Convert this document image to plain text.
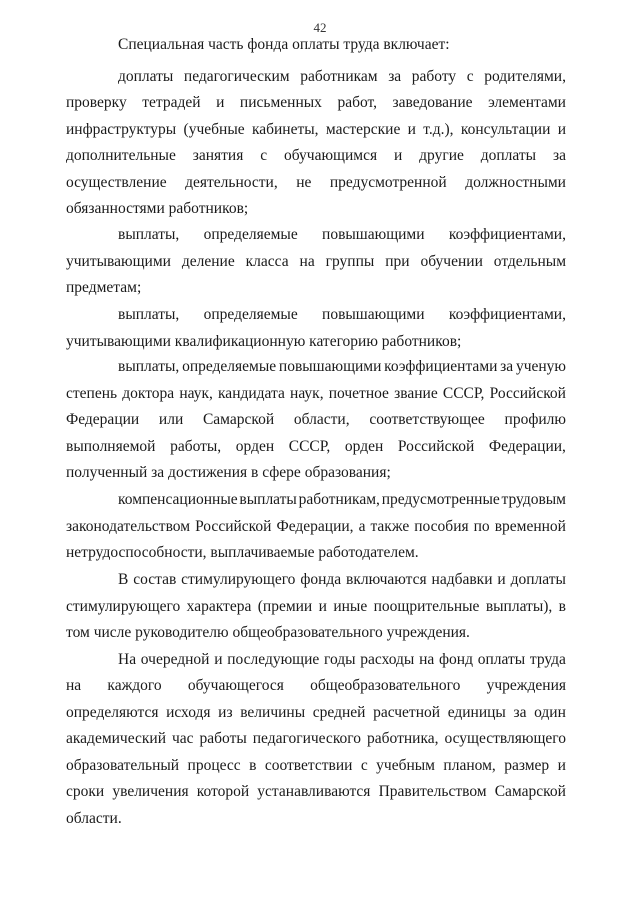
42
Специальная часть фонда оплаты труда включает:
доплаты педагогическим работникам за работу с родителями,
проверку тетрадей и письменных работ, заведование элементами
инфраструктуры (учебные кабинеты, мастерские и т.д.), консультации и
дополнительные занятия с обучающимся и другие доплаты за
осуществление деятельности, не предусмотренной должностными
обязанностями работников;
выплаты, определяемые повышающими коэффициентами,
учитывающими деление класса на группы при обучении отдельным
предметам;
выплаты, определяемые повышающими коэффициентами,
учитывающими квалификационную категорию работников;
выплаты, определяемые повышающими коэффициентами за ученую
степень доктора наук, кандидата наук, почетное звание СССР, Российской
Федерации или Самарской области, соответствующее профилю
выполняемой работы, орден СССР, орден Российской Федерации,
полученный за достижения в сфере образования;
компенсационные выплаты работникам, предусмотренные трудовым
законодательством Российской Федерации, а также пособия по временной
нетрудоспособности, выплачиваемые работодателем.
В состав стимулирующего фонда включаются надбавки и доплаты
стимулирующего характера (премии и иные поощрительные выплаты), в
том числе руководителю общеобразовательного учреждения.
На очередной и последующие годы расходы на фонд оплаты труда
на каждого обучающегося общеобразовательного учреждения
определяются исходя из величины средней расчетной единицы за один
академический час работы педагогического работника, осуществляющего
образовательный процесс в соответствии с учебным планом, размер и
сроки увеличения которой устанавливаются Правительством Самарской
области.
